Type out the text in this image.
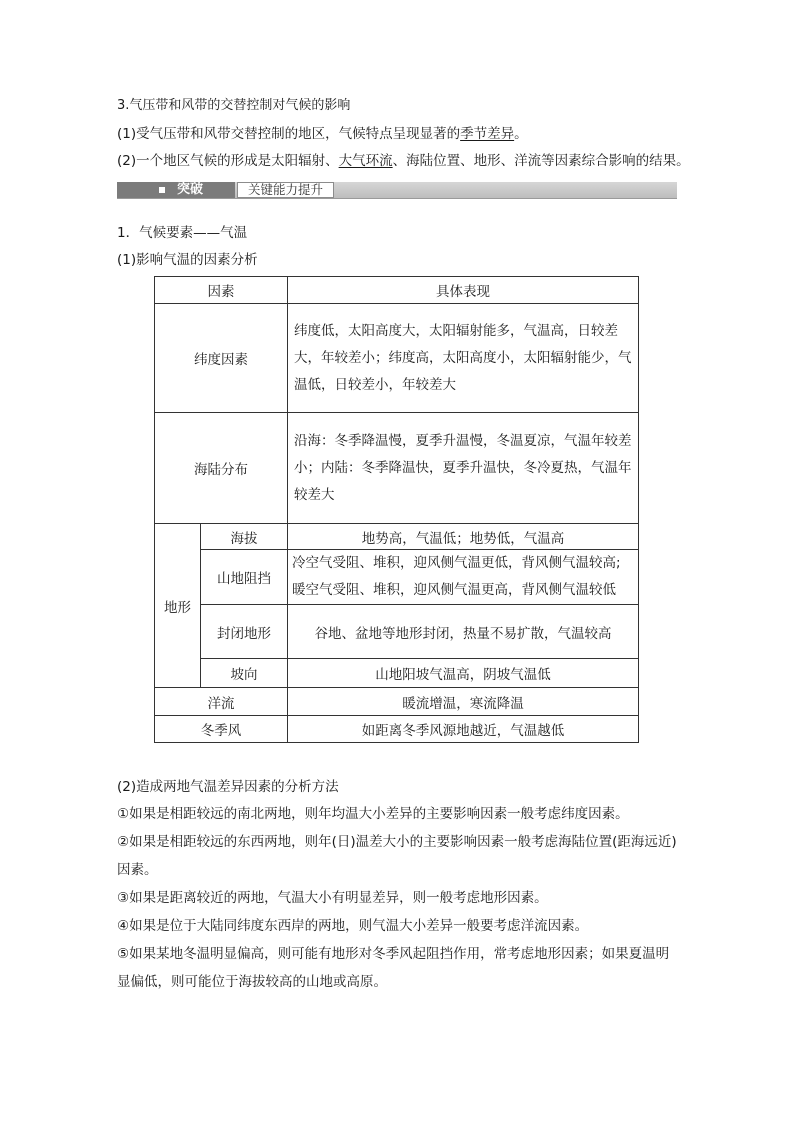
3.气压带和风带的交替控制对气候的影响
(1)受气压带和风带交替控制的地区，气候特点呈现显著的季节差异。
(2)一个地区气候的形成是太阳辐射、大气环流、海陆位置、地形、洋流等因素综合影响的结果。
突破	关键能力提升
1．气候要素——气温
(1)影响气温的因素分析
因素		具体表现
纬度因素		纬度低，太阳高度大，太阳辐射能多，气温高，日较差大，年较差小；纬度高，太阳高度小，太阳辐射能少，气温低，日较差小，年较差大
海陆分布		沿海：冬季降温慢，夏季升温慢，冬温夏凉，气温年较差小；内陆：冬季降温快，夏季升温快，冬冷夏热，气温年较差大
地形	海拔	地势高，气温低；地势低，气温高
	山地阻挡	冷空气受阻、堆积，迎风侧气温更低，背风侧气温较高;
暖空气受阻、堆积，迎风侧气温更高，背风侧气温较低

	封闭地形	谷地、盆地等地形封闭，热量不易扩散，气温较高
	坡向	山地阳坡气温高，阴坡气温低
洋流		暖流增温，寒流降温
冬季风		如距离冬季风源地越近，气温越低
(2)造成两地气温差异因素的分析方法
①如果是相距较远的南北两地，则年均温大小差异的主要影响因素一般考虑纬度因素。
②如果是相距较远的东西两地，则年(日)温差大小的主要影响因素一般考虑海陆位置(距海远近)因素。
③如果是距离较近的两地，气温大小有明显差异，则一般考虑地形因素。
④如果是位于大陆同纬度东西岸的两地，则气温大小差异一般要考虑洋流因素。
⑤如果某地冬温明显偏高，则可能有地形对冬季风起阻挡作用，常考虑地形因素；如果夏温明显偏低，则可能位于海拔较高的山地或高原。
